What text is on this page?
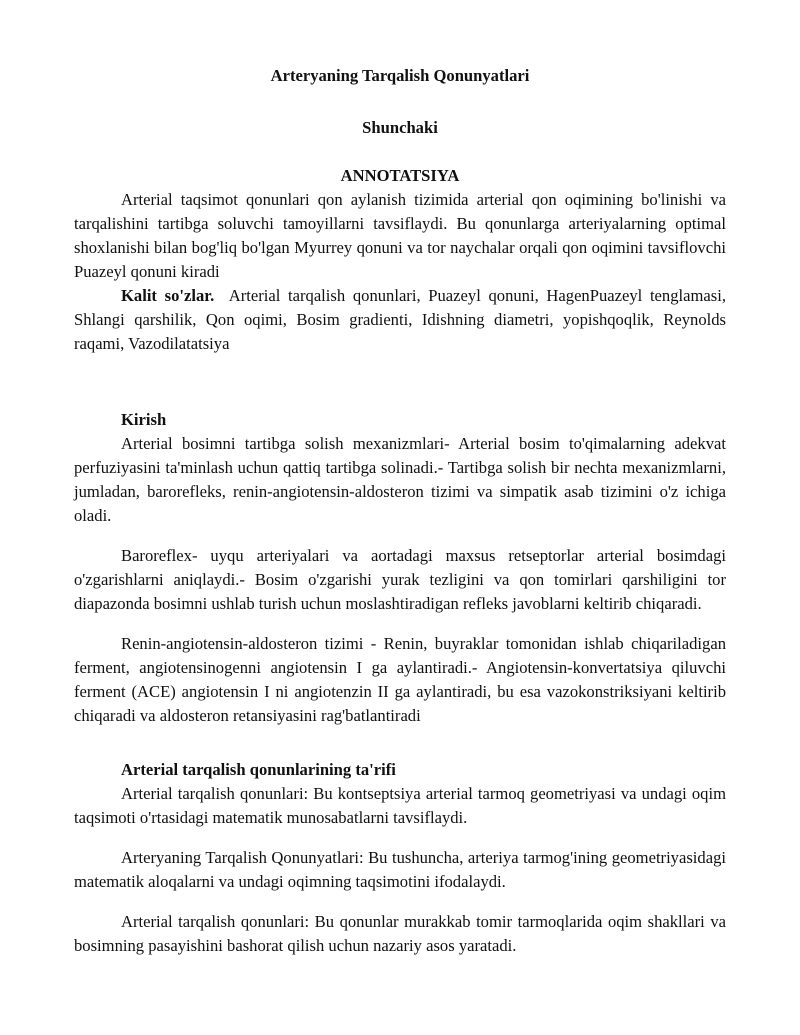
Arteryaning Tarqalish Qonunyatlari
Shunchaki
ANNOTATSIYA

Arterial taqsimot qonunlari qon aylanish tizimida arterial qon oqimining bo'linishi va tarqalishini tartibga soluvchi tamoyillarni tavsiflaydi. Bu qonunlarga arteriyalarning optimal shoxlanishi bilan bog'liq bo'lgan Myurrey qonuni va tor naychalar orqali qon oqimini tavsiflovchi Puazeyl qonuni kiradi

Kalit so'zlar. Arterial tarqalish qonunlari, Puazeyl qonuni, HagenPuazeyl tenglamasi, Shlangi qarshilik, Qon oqimi, Bosim gradienti, Idishning diametri, yopishqoqlik, Reynolds raqami, Vazodilatatsiya

Kirish

Arterial bosimni tartibga solish mexanizmlari- Arterial bosim to'qimalarning adekvat perfuziyasini ta'minlash uchun qattiq tartibga solinadi.- Tartibga solish bir nechta mexanizmlarni, jumladan, barorefleks, renin-angiotensin-aldosteron tizimi va simpatik asab tizimini o'z ichiga oladi.

Baroreflex- uyqu arteriyalari va aortadagi maxsus retseptorlar arterial bosimdagi o'zgarishlarni aniqlaydi.- Bosim o'zgarishi yurak tezligini va qon tomirlari qarshiligini tor diapazonda bosimni ushlab turish uchun moslashtiradigan refleks javoblarni keltirib chiqaradi.

Renin-angiotensin-aldosteron tizimi - Renin, buyraklar tomonidan ishlab chiqariladigan ferment, angiotensinogenni angiotensin I ga aylantiradi.- Angiotensin-konvertatsiya qiluvchi ferment (ACE) angiotensin I ni angiotenzin II ga aylantiradi, bu esa vazokonstriksiyani keltirib chiqaradi va aldosteron retansiyasini rag'batlantiradi

Arterial tarqalish qonunlarining ta'rifi

Arterial tarqalish qonunlari: Bu kontseptsiya arterial tarmoq geometriyasi va undagi oqim taqsimoti o'rtasidagi matematik munosabatlarni tavsiflaydi.

Arteryaning Tarqalish Qonunyatlari: Bu tushuncha, arteriya tarmog'ining geometriyasidagi matematik aloqalarni va undagi oqimning taqsimotini ifodalaydi.

Arterial tarqalish qonunlari: Bu qonunlar murakkab tomir tarmoqlarida oqim shakllari va bosimning pasayishini bashorat qilish uchun nazariy asos yaratadi.
